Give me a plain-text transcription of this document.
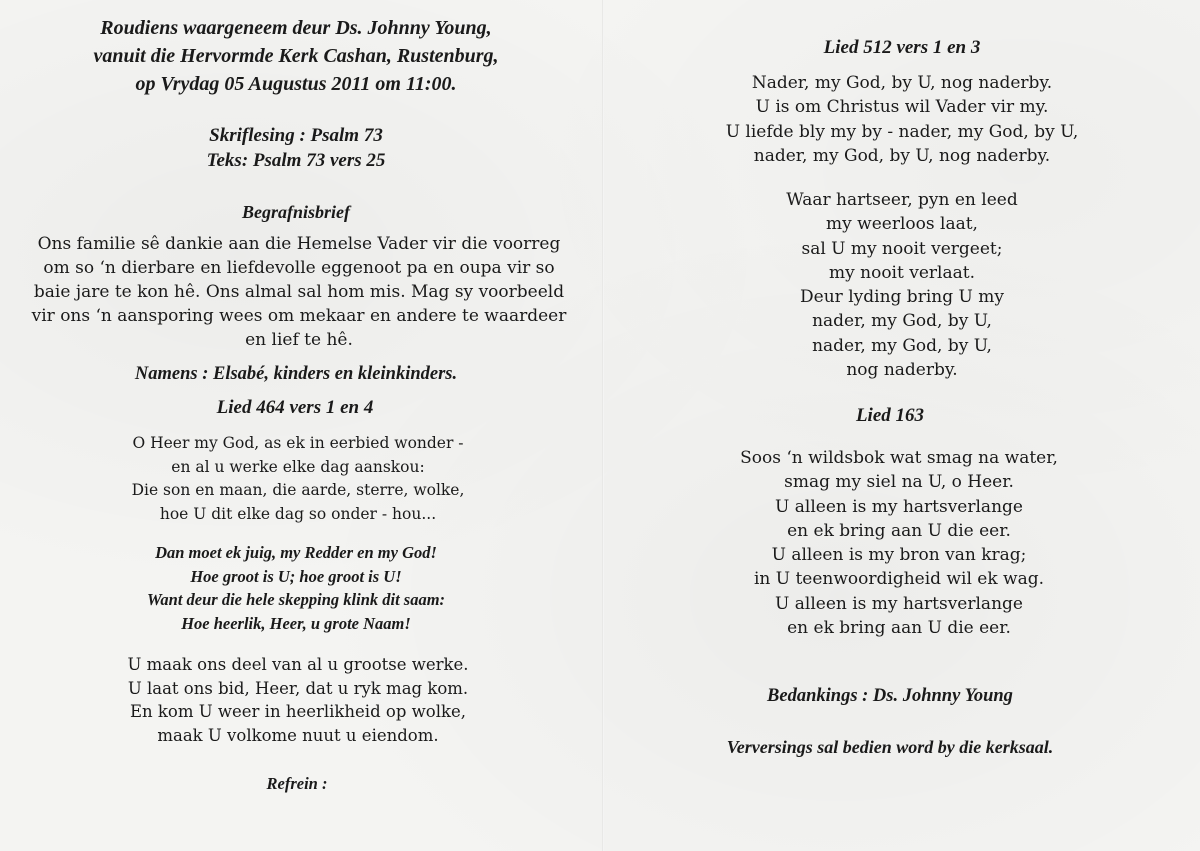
Roudiens waargeneem deur Ds. Johnny Young,
vanuit die Hervormde Kerk Cashan, Rustenburg,
op Vrydag 05 Augustus 2011 om 11:00.
Skriflesing : Psalm 73
Teks: Psalm 73 vers 25
Begrafnisbrief
Ons familie sê dankie aan die Hemelse Vader vir die voorreg
om so ‘n dierbare en liefdevolle eggenoot pa en oupa vir so
baie jare te kon hê. Ons almal sal hom mis. Mag sy voorbeeld
vir ons ‘n aansporing wees om mekaar en andere te waardeer
en lief te hê.
Namens : Elsabé, kinders en kleinkinders.
Lied 464 vers 1 en 4
O Heer my God, as ek in eerbied wonder -
en al u werke elke dag aanskou:
Die son en maan, die aarde, sterre, wolke,
hoe U dit elke dag so onder - hou...
Dan moet ek juig, my Redder en my God!
Hoe groot is U; hoe groot is U!
Want deur die hele skepping klink dit saam:
Hoe heerlik, Heer, u grote Naam!
U maak ons deel van al u grootse werke.
U laat ons bid, Heer, dat u ryk mag kom.
En kom U weer in heerlikheid op wolke,
maak U volkome nuut u eiendom.
Refrein :
Lied 512 vers 1 en 3
Nader, my God, by U, nog naderby.
U is om Christus wil Vader vir my.
U liefde bly my by - nader, my God, by U,
nader, my God, by U, nog naderby.
Waar hartseer, pyn en leed
my weerloos laat,
sal U my nooit vergeet;
my nooit verlaat.
Deur lyding bring U my
nader, my God, by U,
nader, my God, by U,
nog naderby.
Lied 163
Soos ‘n wildsbok wat smag na water,
smag my siel na U, o Heer.
U alleen is my hartsverlange
en ek bring aan U die eer.
U alleen is my bron van krag;
in U teenwoordigheid wil ek wag.
U alleen is my hartsverlange
en ek bring aan U die eer.
Bedankings : Ds. Johnny Young
Verversings sal bedien word by die kerksaal.
